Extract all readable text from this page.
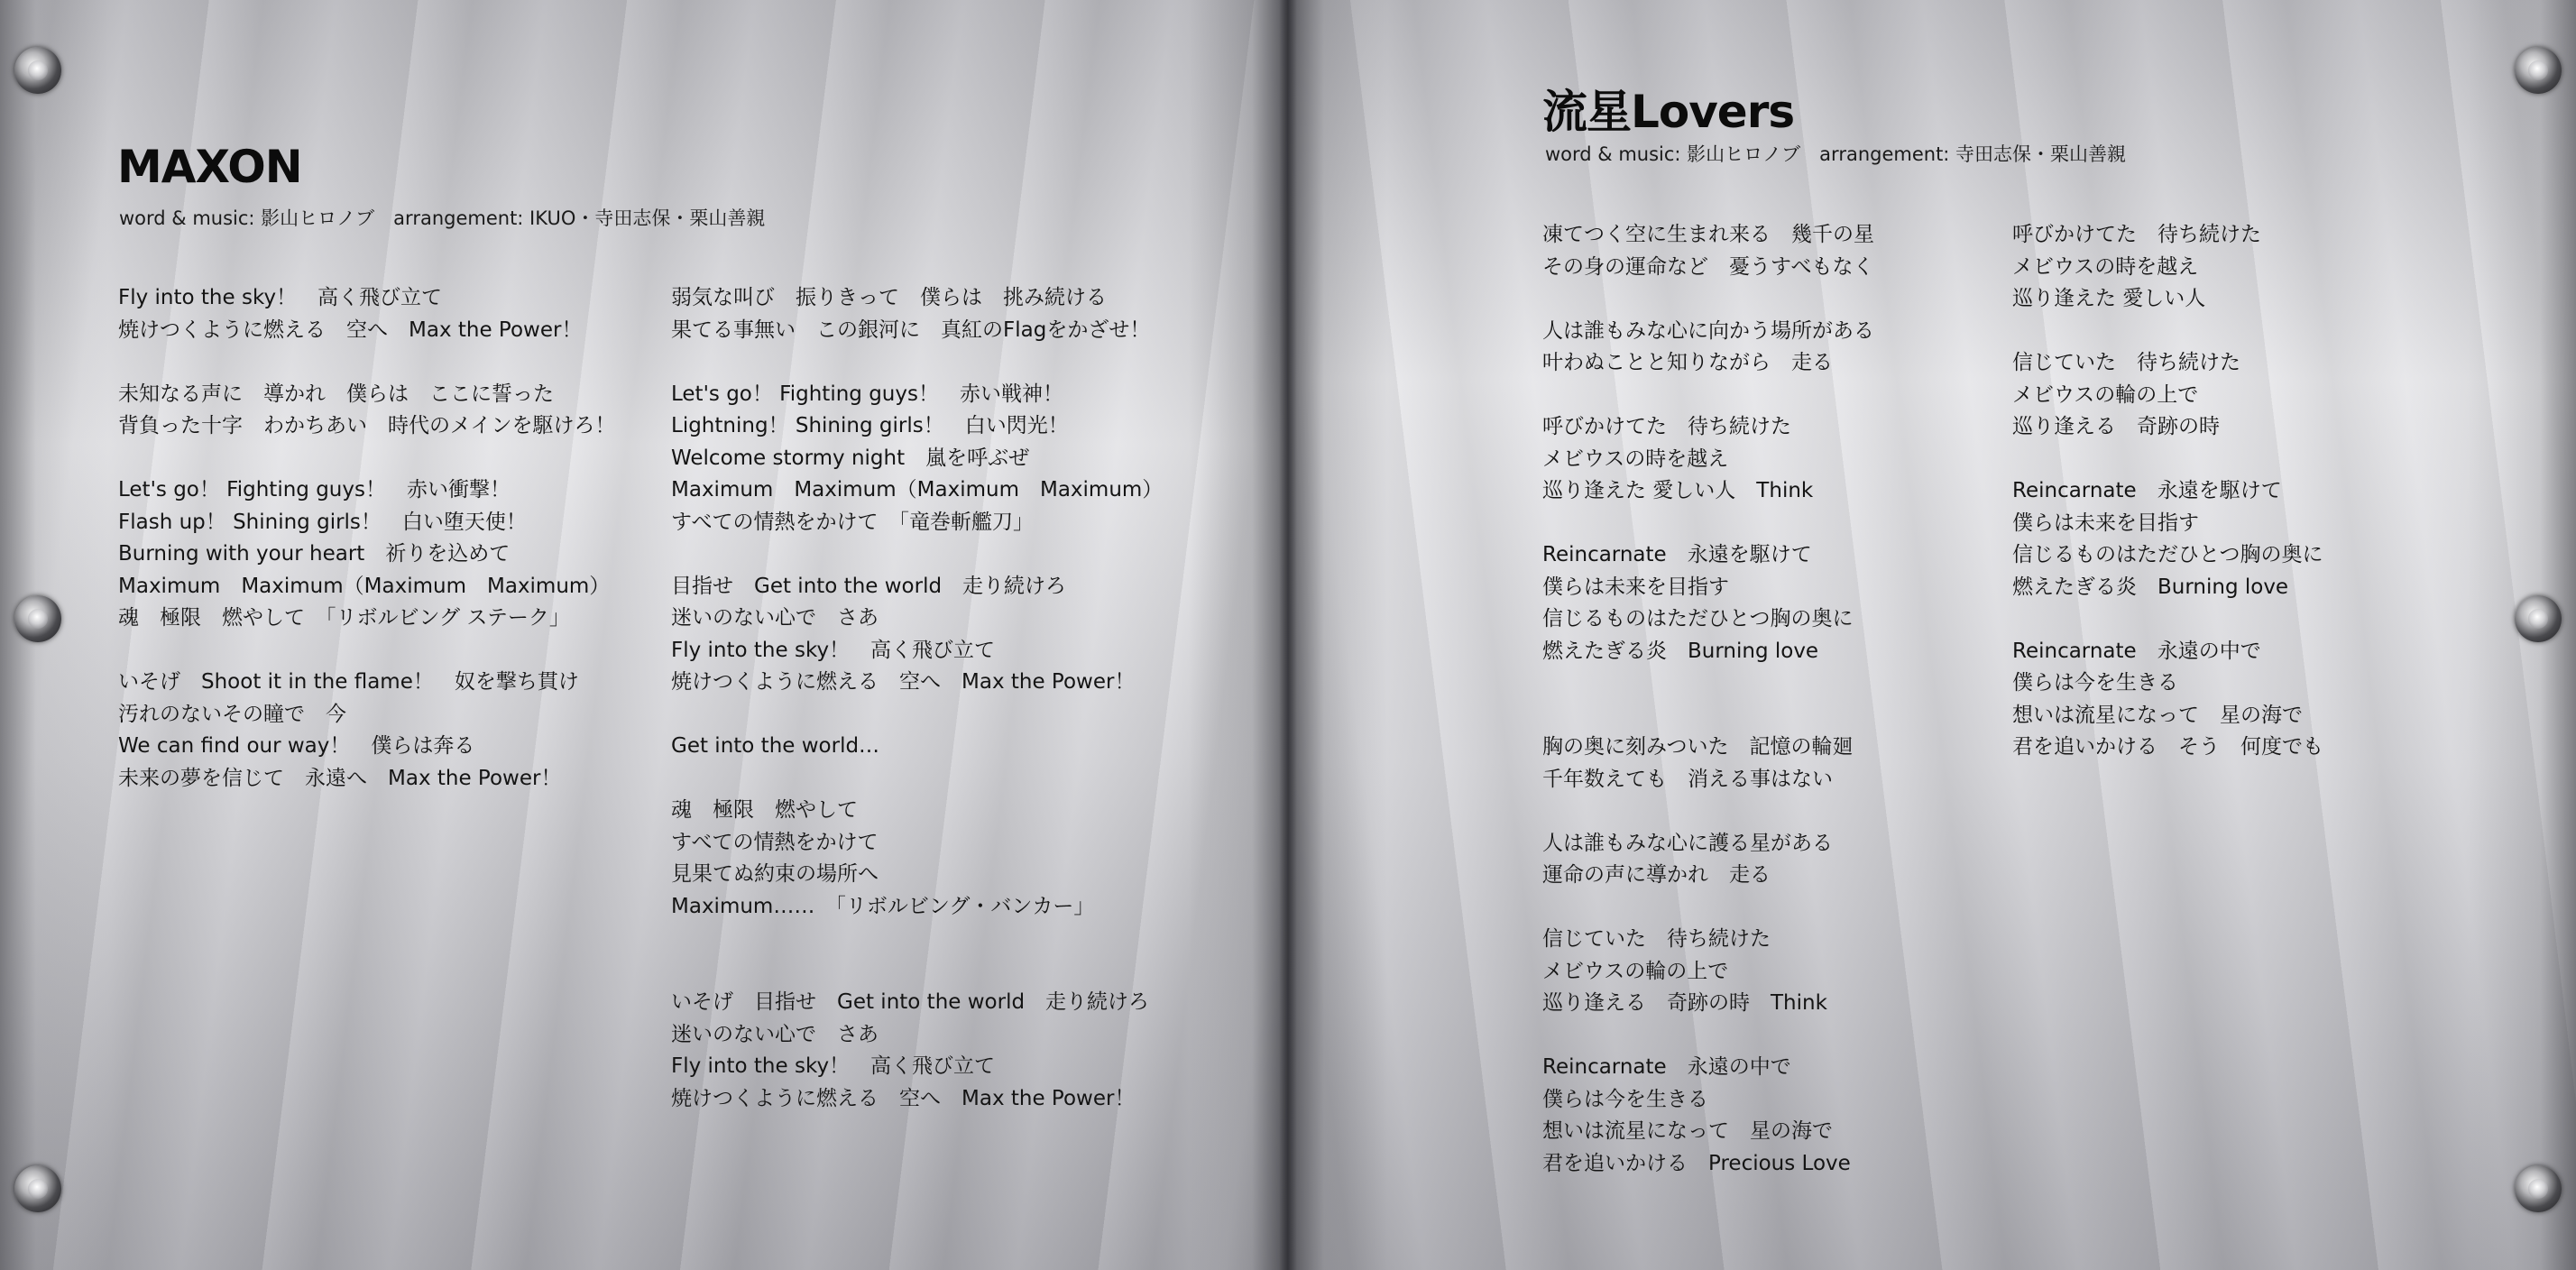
MAXON

word & music: 影山ヒロノブ　arrangement: IKUO・寺田志保・栗山善親

Fly into the sky！　高く飛び立て
焼けつくように燃える　空へ　Max the Power！
未知なる声に　導かれ　僕らは　ここに誓った
背負った十字　わかちあい　時代のメインを駆けろ！
Let's go！ Fighting guys！　赤い衝撃！
Flash up！ Shining girls！　白い堕天使！
Burning with your heart　祈りを込めて
Maximum　Maximum（Maximum　Maximum）
魂　極限　燃やして　「リボルビング ステーク」
いそげ　Shoot it in the flame！　奴を撃ち貫け
汚れのないその瞳で　今
We can find our way！　僕らは奔る
未来の夢を信じて　永遠へ　Max the Power！
弱気な叫び　振りきって　僕らは　挑み続ける
果てる事無い　この銀河に　真紅のFlagをかざせ！
Let's go！ Fighting guys！　赤い戦神！
Lightning！ Shining girls！　白い閃光！
Welcome stormy night　嵐を呼ぶぜ
Maximum　Maximum（Maximum　Maximum）
すべての情熱をかけて　「竜巻斬艦刀」
目指せ　Get into the world　走り続けろ
迷いのない心で　さあ
Fly into the sky！　高く飛び立て
焼けつくように燃える　空へ　Max the Power！
Get into the world…
魂　極限　燃やして
すべての情熱をかけて
見果てぬ約束の場所へ
Maximum……　「リボルビング・バンカー」
いそげ　目指せ　Get into the world　走り続けろ
迷いのない心で　さあ
Fly into the sky！　高く飛び立て
焼けつくように燃える　空へ　Max the Power！
流星Lovers

word & music: 影山ヒロノブ　arrangement: 寺田志保・栗山善親

凍てつく空に生まれ来る　幾千の星
その身の運命など　憂うすべもなく
人は誰もみな心に向かう場所がある
叶わぬことと知りながら　走る
呼びかけてた　待ち続けた
メビウスの時を越え
巡り逢えた 愛しい人　Think
Reincarnate　永遠を駆けて
僕らは未来を目指す
信じるものはただひとつ胸の奥に
燃えたぎる炎　Burning love
胸の奥に刻みついた　記憶の輪廻
千年数えても　消える事はない
人は誰もみな心に護る星がある
運命の声に導かれ　走る
信じていた　待ち続けた
メビウスの輪の上で
巡り逢える　奇跡の時　Think
Reincarnate　永遠の中で
僕らは今を生きる
想いは流星になって　星の海で
君を追いかける　Precious Love
呼びかけてた　待ち続けた
メビウスの時を越え
巡り逢えた 愛しい人
信じていた　待ち続けた
メビウスの輪の上で
巡り逢える　奇跡の時
Reincarnate　永遠を駆けて
僕らは未来を目指す
信じるものはただひとつ胸の奥に
燃えたぎる炎　Burning love
Reincarnate　永遠の中で
僕らは今を生きる
想いは流星になって　星の海で
君を追いかける　そう　何度でも
